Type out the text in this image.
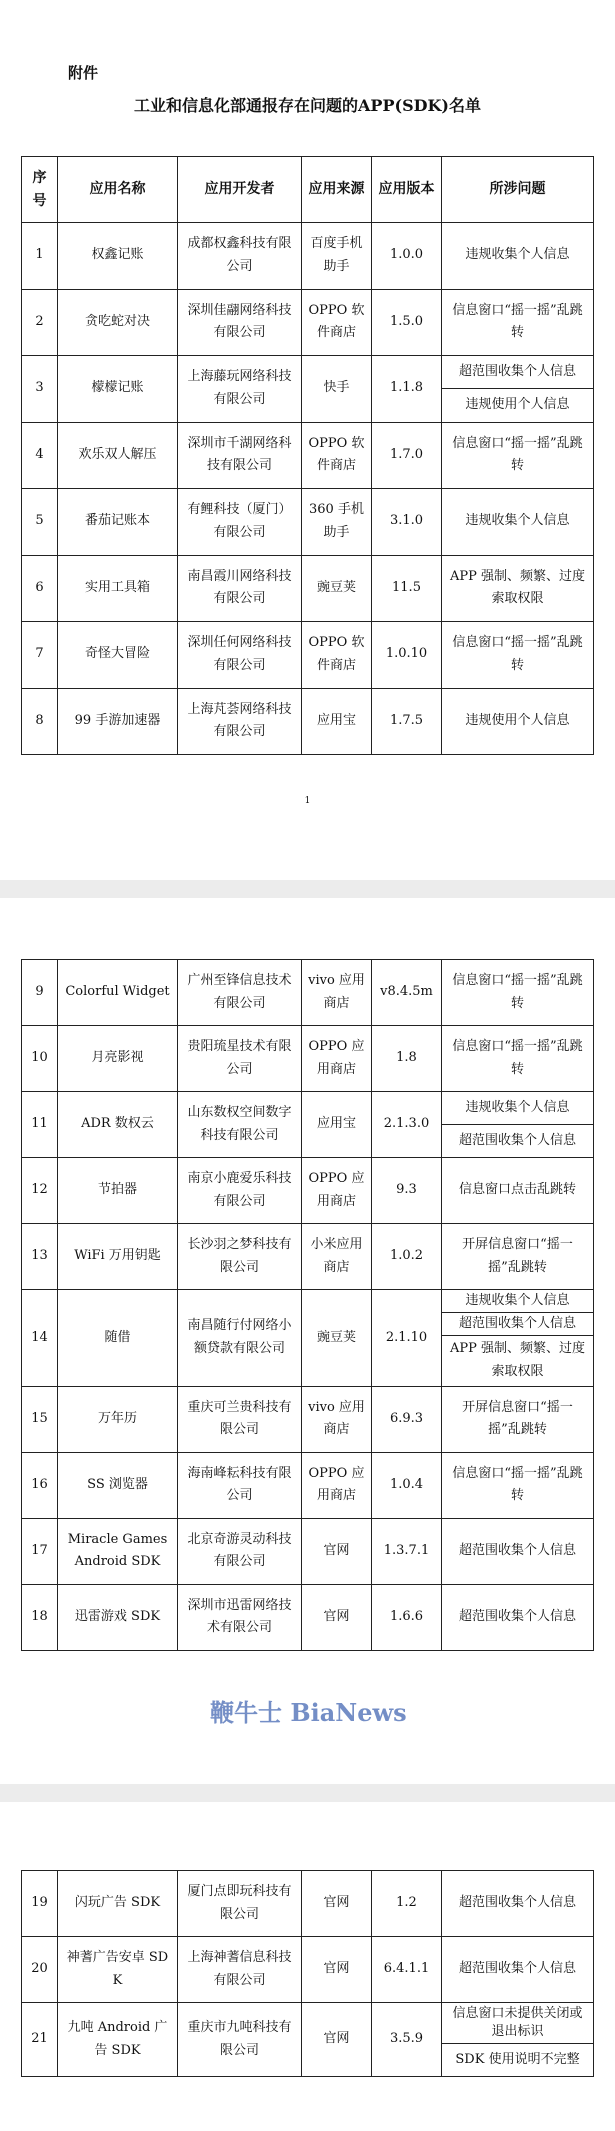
附件
工业和信息化部通报存在问题的APP(SDK)名单
序号	应用名称	应用开发者	应用来源	应用版本	所涉问题
1	权鑫记账	成都权鑫科技有限公司	百度手机助手	1.0.0	违规收集个人信息
2	贪吃蛇对决	深圳佳翮网络科技有限公司	OPPO 软件商店	1.5.0	信息窗口“摇一摇”乱跳转
3	檬檬记账	上海藤玩网络科技有限公司	快手	1.1.8	超范围收集个人信息
					违规使用个人信息
4	欢乐双人解压	深圳市千湖网络科技有限公司	OPPO 软件商店	1.7.0	信息窗口“摇一摇”乱跳转
5	番茄记账本	有鲤科技（厦门）有限公司	360 手机助手	3.1.0	违规收集个人信息
6	实用工具箱	南昌霞川网络科技有限公司	豌豆荚	11.5	APP 强制、频繁、过度索取权限
7	奇怪大冒险	深圳任何网络科技有限公司	OPPO 软件商店	1.0.10	信息窗口“摇一摇”乱跳转
8	99 手游加速器	上海芃荟网络科技有限公司	应用宝	1.7.5	违规使用个人信息
1
9	Colorful Widget	广州至锋信息技术有限公司	vivo 应用商店	v8.4.5m	信息窗口“摇一摇”乱跳转
10	月亮影视	贵阳琉星技术有限公司	OPPO 应用商店	1.8	信息窗口“摇一摇”乱跳转
11	ADR 数权云	山东数权空间数字科技有限公司	应用宝	2.1.3.0	违规收集个人信息
					超范围收集个人信息
12	节拍器	南京小鹿爱乐科技有限公司	OPPO 应用商店	9.3	信息窗口点击乱跳转
13	WiFi 万用钥匙	长沙羽之梦科技有限公司	小米应用商店	1.0.2	开屏信息窗口“摇一摇”乱跳转
14	随借	南昌随行付网络小额贷款有限公司	豌豆荚	2.1.10	违规收集个人信息
					超范围收集个人信息
					APP 强制、频繁、过度索取权限
15	万年历	重庆可兰贵科技有限公司	vivo 应用商店	6.9.3	开屏信息窗口“摇一摇”乱跳转
16	SS 浏览器	海南峰耘科技有限公司	OPPO 应用商店	1.0.4	信息窗口“摇一摇”乱跳转
17	Miracle Games Android SDK	北京奇游灵动科技有限公司	官网	1.3.7.1	超范围收集个人信息
18	迅雷游戏 SDK	深圳市迅雷网络技术有限公司	官网	1.6.6	超范围收集个人信息
鞭牛士 BiaNews
19	闪玩广告 SDK	厦门点即玩科技有限公司	官网	1.2	超范围收集个人信息
20	神蓍广告安卓 SDK	上海神蓍信息科技有限公司	官网	6.4.1.1	超范围收集个人信息
21	九吨 Android 广告 SDK	重庆市九吨科技有限公司	官网	3.5.9	信息窗口未提供关闭或退出标识
					SDK 使用说明不完整
